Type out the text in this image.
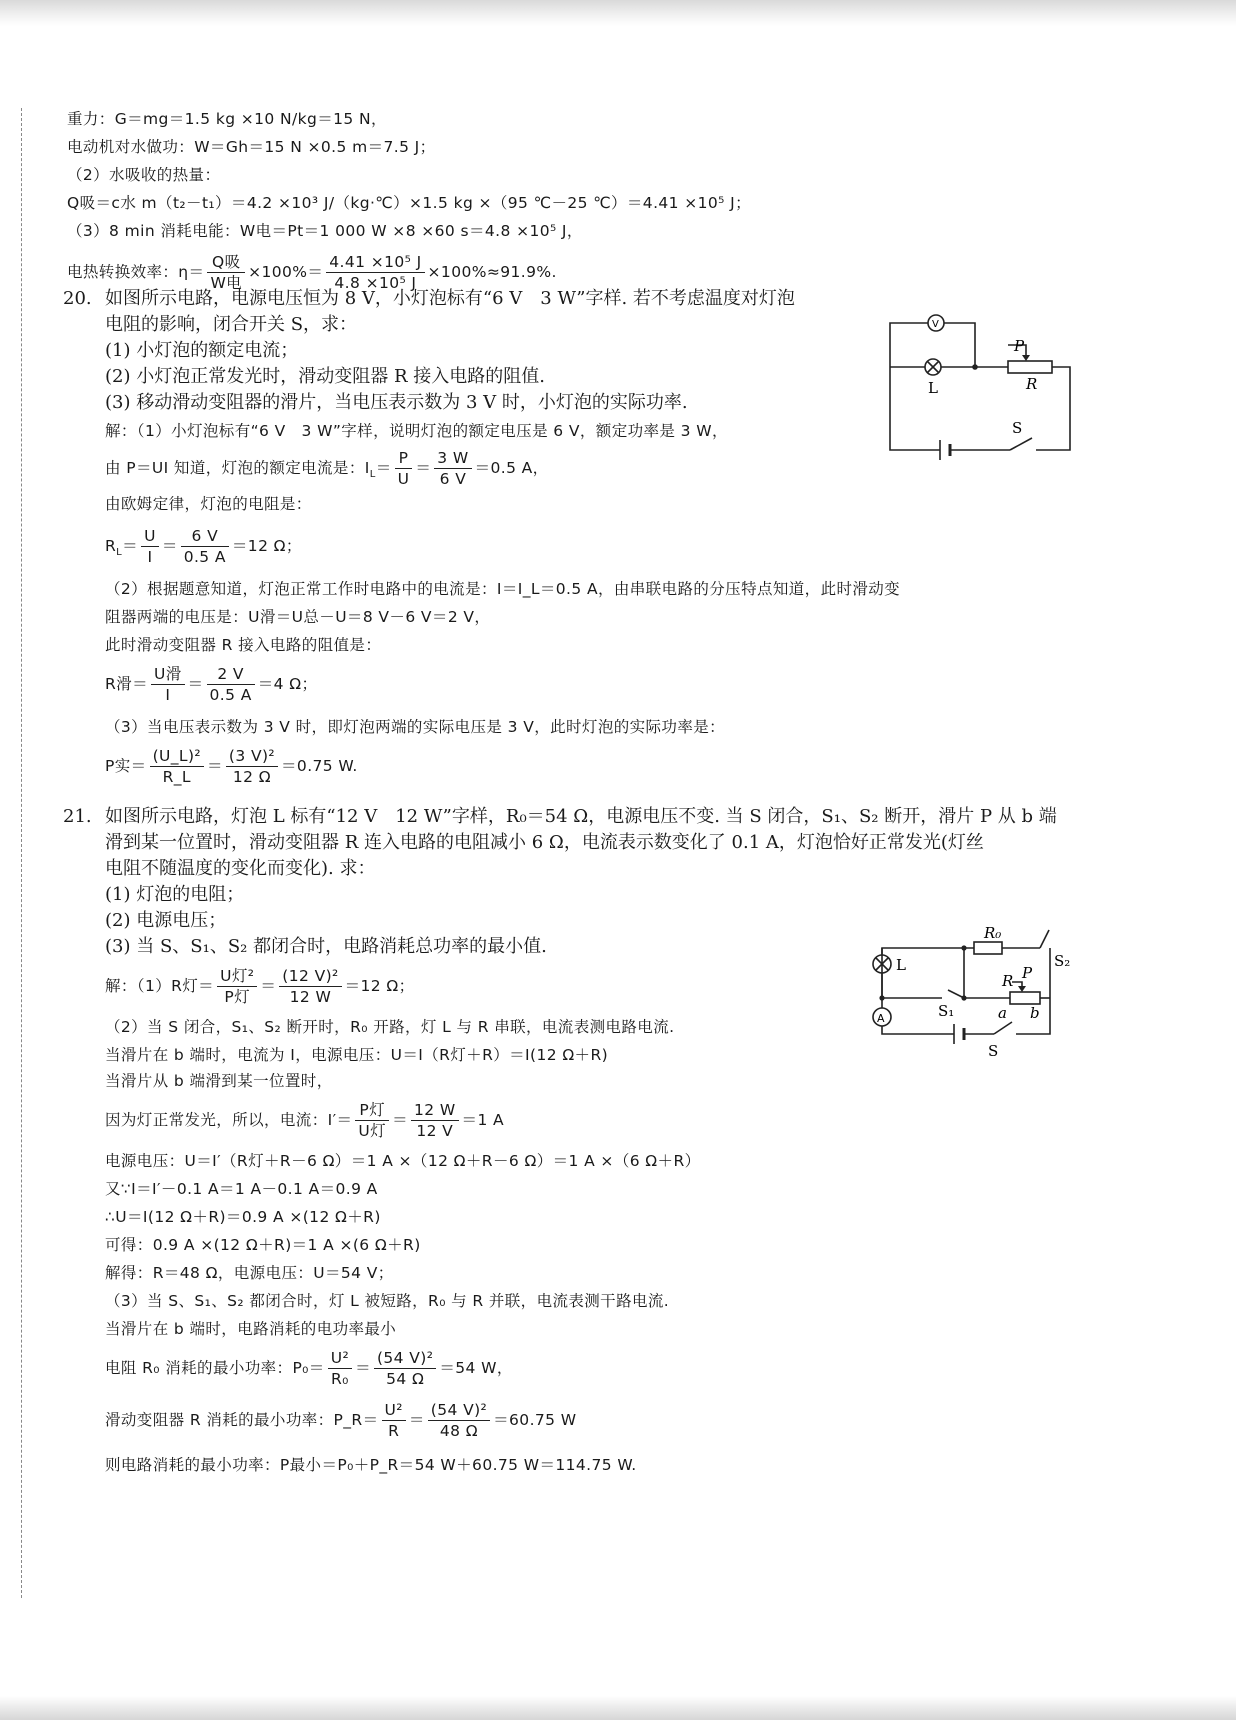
重力：G＝mg＝1.5 kg ×10 N/kg＝15 N，
电动机对水做功：W＝Gh＝15 N ×0.5 m＝7.5 J；
（2）水吸收的热量：
Q吸＝c水 m（t₂－t₁）＝4.2 ×10³ J/（kg·℃）×1.5 kg ×（95 ℃－25 ℃）＝4.41 ×10⁵ J；
（3）8 min 消耗电能：W电＝Pt＝1 000 W ×8 ×60 s＝4.8 ×10⁵ J，
电热转换效率：$\eta= \frac{\text{Q吸}}{\text{W电}} \times 100\%= \frac{\text{4.41 ×10⁵ J}}{\text{4.8 ×10⁵ J}} \times 100\%\approx 91.9\%$.
20. 如图所示电路，电源电压恒为 8 V，小灯泡标有“6 V　3 W”字样. 若不考虑温度对灯泡
电阻的影响，闭合开关 S，求：
(1) 小灯泡的额定电流；
(2) 小灯泡正常发光时，滑动变阻器 R 接入电路的阻值.
(3) 移动滑动变阻器的滑片，当电压表示数为 3 V 时，小灯泡的实际功率.
解：（1）小灯泡标有“6 V　3 W”字样，说明灯泡的额定电压是 6 V，额定功率是 3 W，
由 P＝UI 知道，灯泡的额定电流是：$I_L= \frac{P}{U} = \frac{3 W}{6 V} =0.5$ A，
由欧姆定律，灯泡的电阻是：
$R_L= \frac{U}{I} = \frac{6 V}{0.5 A} =12$ Ω；
（2）根据题意知道，灯泡正常工作时电路中的电流是：I＝I_L＝0.5 A，由串联电路的分压特点知道，此时滑动变
阻器两端的电压是：U滑＝U总－U＝8 V－6 V＝2 V，
此时滑动变阻器 R 接入电路的阻值是：
R滑＝ $\frac{\text{U滑}}{I} = \frac{2 V}{0.5 A} =4$ Ω；
（3）当电压表示数为 3 V 时，即灯泡两端的实际电压是 3 V，此时灯泡的实际功率是：
P实＝ $\frac{\text{(U\_L)²}}{R\_L} = \frac{\text{(3 V)²}}{12 \Omega} =0.75$ W.
21. 如图所示电路，灯泡 L 标有“12 V　12 W”字样，R₀＝54 Ω，电源电压不变. 当 S 闭合，S₁、S₂ 断开，滑片 P 从 b 端
滑到某一位置时，滑动变阻器 R 连入电路的电阻减小 6 Ω，电流表示数变化了 0.1 A，灯泡恰好正常发光(灯丝
电阻不随温度的变化而变化). 求：
(1) 灯泡的电阻；
(2) 电源电压；
(3) 当 S、S₁、S₂ 都闭合时，电路消耗总功率的最小值.
解：（1）R灯＝ $\frac{\text{U灯²}}{\text{P灯}} = \frac{\text{(12 V)²}}{12 W} =12$ Ω；
（2）当 S 闭合，S₁、S₂ 断开时，R₀ 开路，灯 L 与 R 串联，电流表测电路电流.
当滑片在 b 端时，电流为 I，电源电压：U＝I（R灯＋R）＝I(12 Ω＋R)
当滑片从 b 端滑到某一位置时，
因为灯正常发光，所以，电流：$I'= \frac{\text{P灯}}{\text{U灯}} = \frac{12 W}{12 V} =1$ A
电源电压：U＝I′（R灯＋R－6 Ω）＝1 A ×（12 Ω＋R－6 Ω）＝1 A ×（6 Ω＋R）
又∵I＝I′－0.1 A＝1 A－0.1 A＝0.9 A
∴U＝I(12 Ω＋R)＝0.9 A ×(12 Ω＋R)
可得：0.9 A ×(12 Ω＋R)＝1 A ×(6 Ω＋R)
解得：R＝48 Ω，电源电压：U＝54 V；
（3）当 S、S₁、S₂ 都闭合时，灯 L 被短路，R₀ 与 R 并联，电流表测干路电流.
当滑片在 b 端时，电路消耗的电功率最小
电阻 R₀ 消耗的最小功率：$P_0= \frac{\text{U²}}{\text{R₀}} = \frac{\text{(54 V)²}}{54 \Omega} =54$ W，
滑动变阻器 R 消耗的最小功率：P_R＝ $\frac{\text{U²}}{R} = \frac{\text{(54 V)²}}{48 \Omega} =60.75$ W
则电路消耗的最小功率：P最小＝P₀＋P_R＝54 W＋60.75 W＝114.75 W.
V
L
P
R
S
R₀
L
R P
S₂
S₁
A	a b
S
